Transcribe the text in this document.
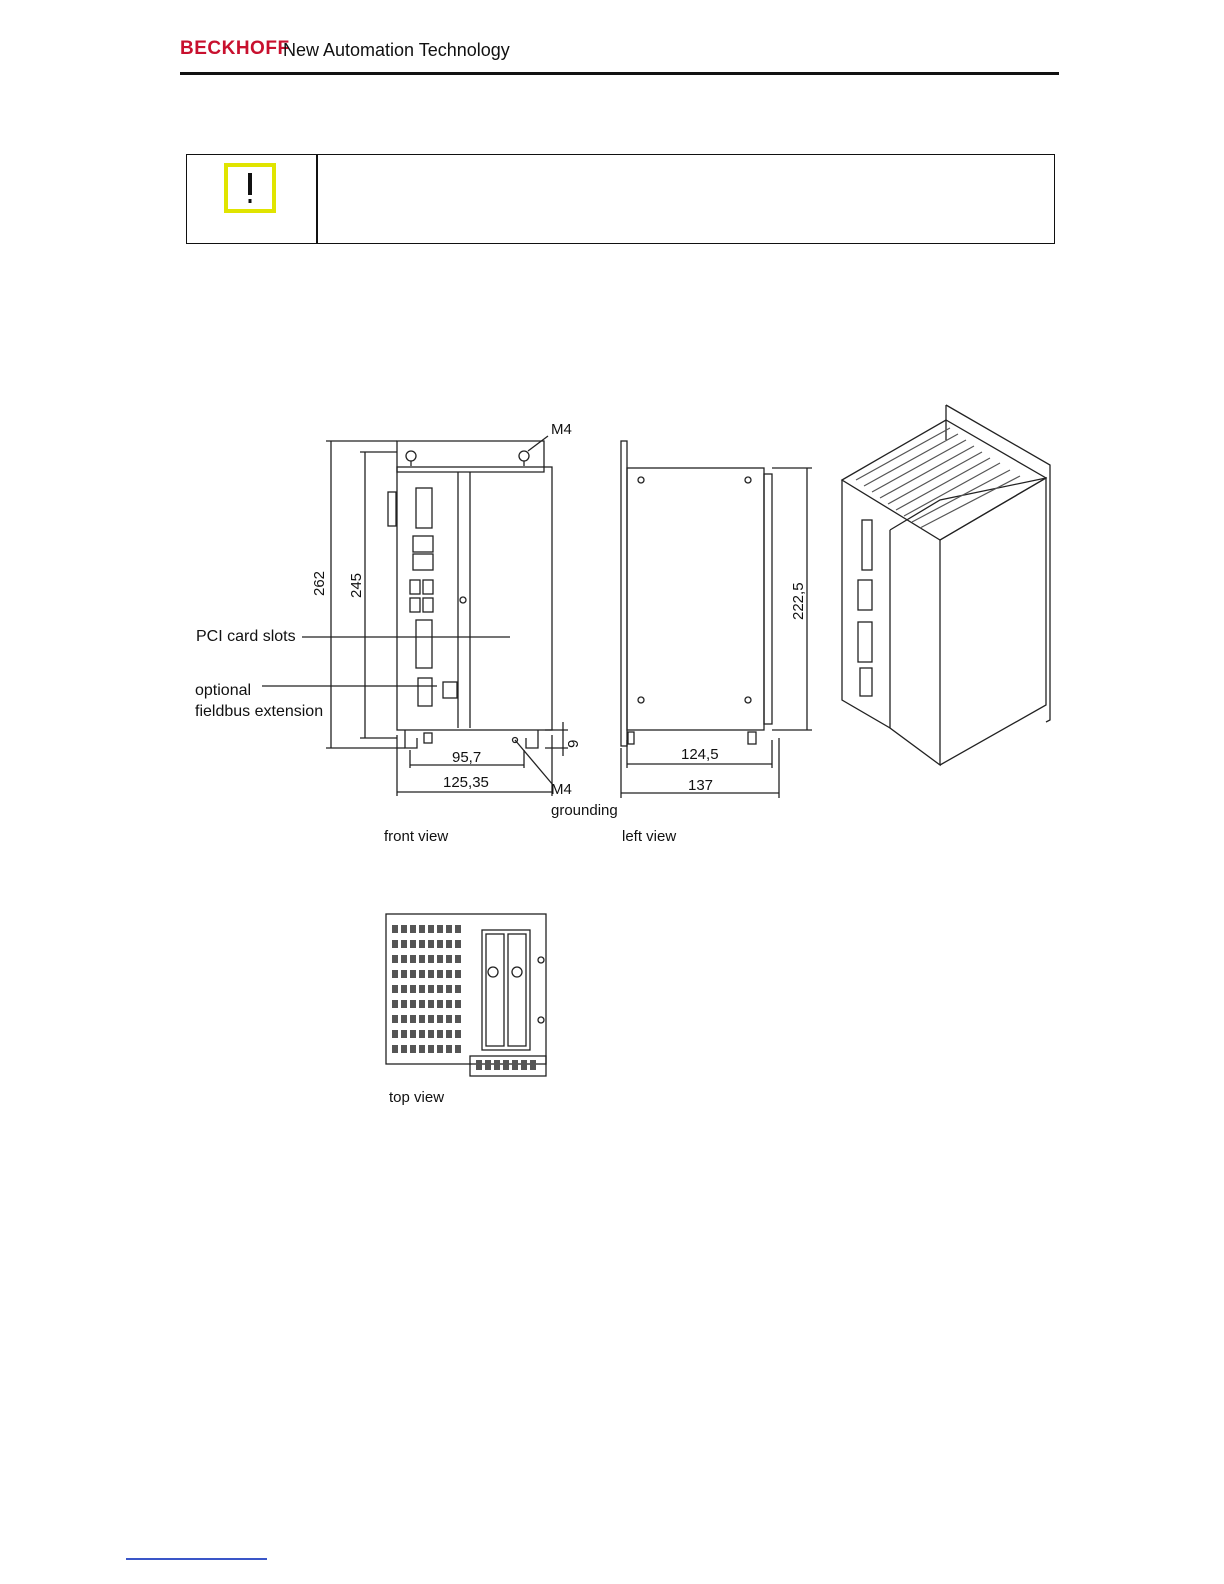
BECKHOFF
New Automation Technology
PCI card slots
optional
fieldbus extension
M4
M4
grounding
95,7
125,35
124,5
137
262 245	222,5
9
front view	left view
top view
